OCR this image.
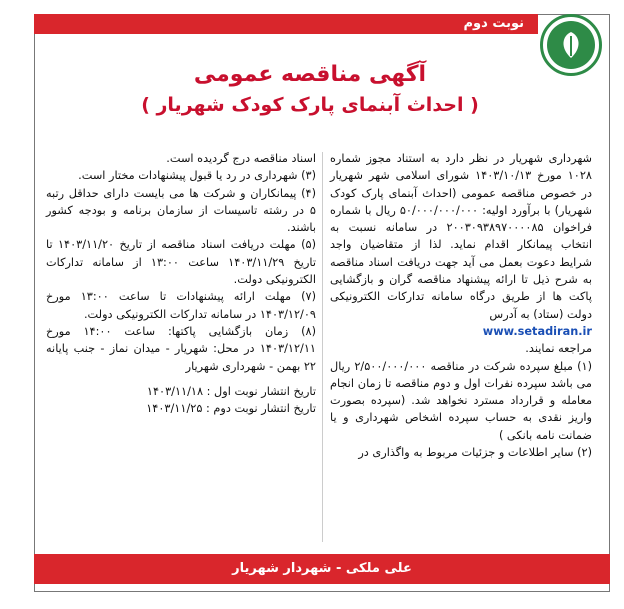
نوبت دوم
آگهی مناقصه عمومی
( احداث آبنمای پارک کودک شهریار )

شهرداری شهریار در نظر دارد به استناد مجوز شماره ۱۰۲۸ مورخ ۱۴۰۳/۱۰/۱۳ شورای اسلامی شهر شهریار در خصوص مناقصه عمومی (احداث آبنمای پارک کودک شهریار) با برآورد اولیه: ۵۰/۰۰۰/۰۰۰/۰۰۰ ریال با شماره فراخوان ۲۰۰۳۰۹۳۸۹۷۰۰۰۰۸۵ در سامانه نسبت به انتخاب پیمانکار اقدام نماید. لذا از متقاضیان واجد شرایط دعوت بعمل می آید جهت دریافت اسناد مناقصه به شرح ذیل تا ارائه پیشنهاد مناقصه گران و بازگشایی پاکت ها از طریق درگاه سامانه تدارکات الکترونیکی دولت (ستاد) به آدرس
www.setadiran.ir
مراجعه نمایند.

(۱) مبلغ سپرده شرکت در مناقصه ۲/۵۰۰/۰۰۰/۰۰۰ ریال می باشد سپرده نفرات اول و دوم مناقصه تا زمان انجام معامله و قرارداد مسترد نخواهد شد. (سپرده بصورت واریز نقدی به حساب سپرده اشخاص شهرداری و یا ضمانت نامه بانکی )

(۲) سایر اطلاعات و جزئیات مربوط به واگذاری در

اسناد مناقصه درج گردیده است.

(۳) شهرداری در رد یا قبول پیشنهادات مختار است.

(۴) پیمانکاران و شرکت ها می بایست دارای حداقل رتبه ۵ در رشته تاسیسات از سازمان برنامه و بودجه کشور باشند.

(۵) مهلت دریافت اسناد مناقصه از تاریخ ۱۴۰۳/۱۱/۲۰ تا تاریخ ۱۴۰۳/۱۱/۲۹ ساعت ۱۳:۰۰ از سامانه تدارکات الکترونیکی دولت.

(۷) مهلت ارائه پیشنهادات تا ساعت ۱۳:۰۰ مورخ ۱۴۰۳/۱۲/۰۹ در سامانه تدارکات الکترونیکی دولت.

(۸) زمان بازگشایی پاکتها: ساعت ۱۴:۰۰ مورخ ۱۴۰۳/۱۲/۱۱ در محل: شهریار - میدان نماز - جنب پایانه ۲۲ بهمن - شهرداری شهریار

تاریخ انتشار نوبت اول : ۱۴۰۳/۱۱/۱۸

تاریخ انتشار نوبت دوم : ۱۴۰۳/۱۱/۲۵

علی ملکی - شهردار شهریار
